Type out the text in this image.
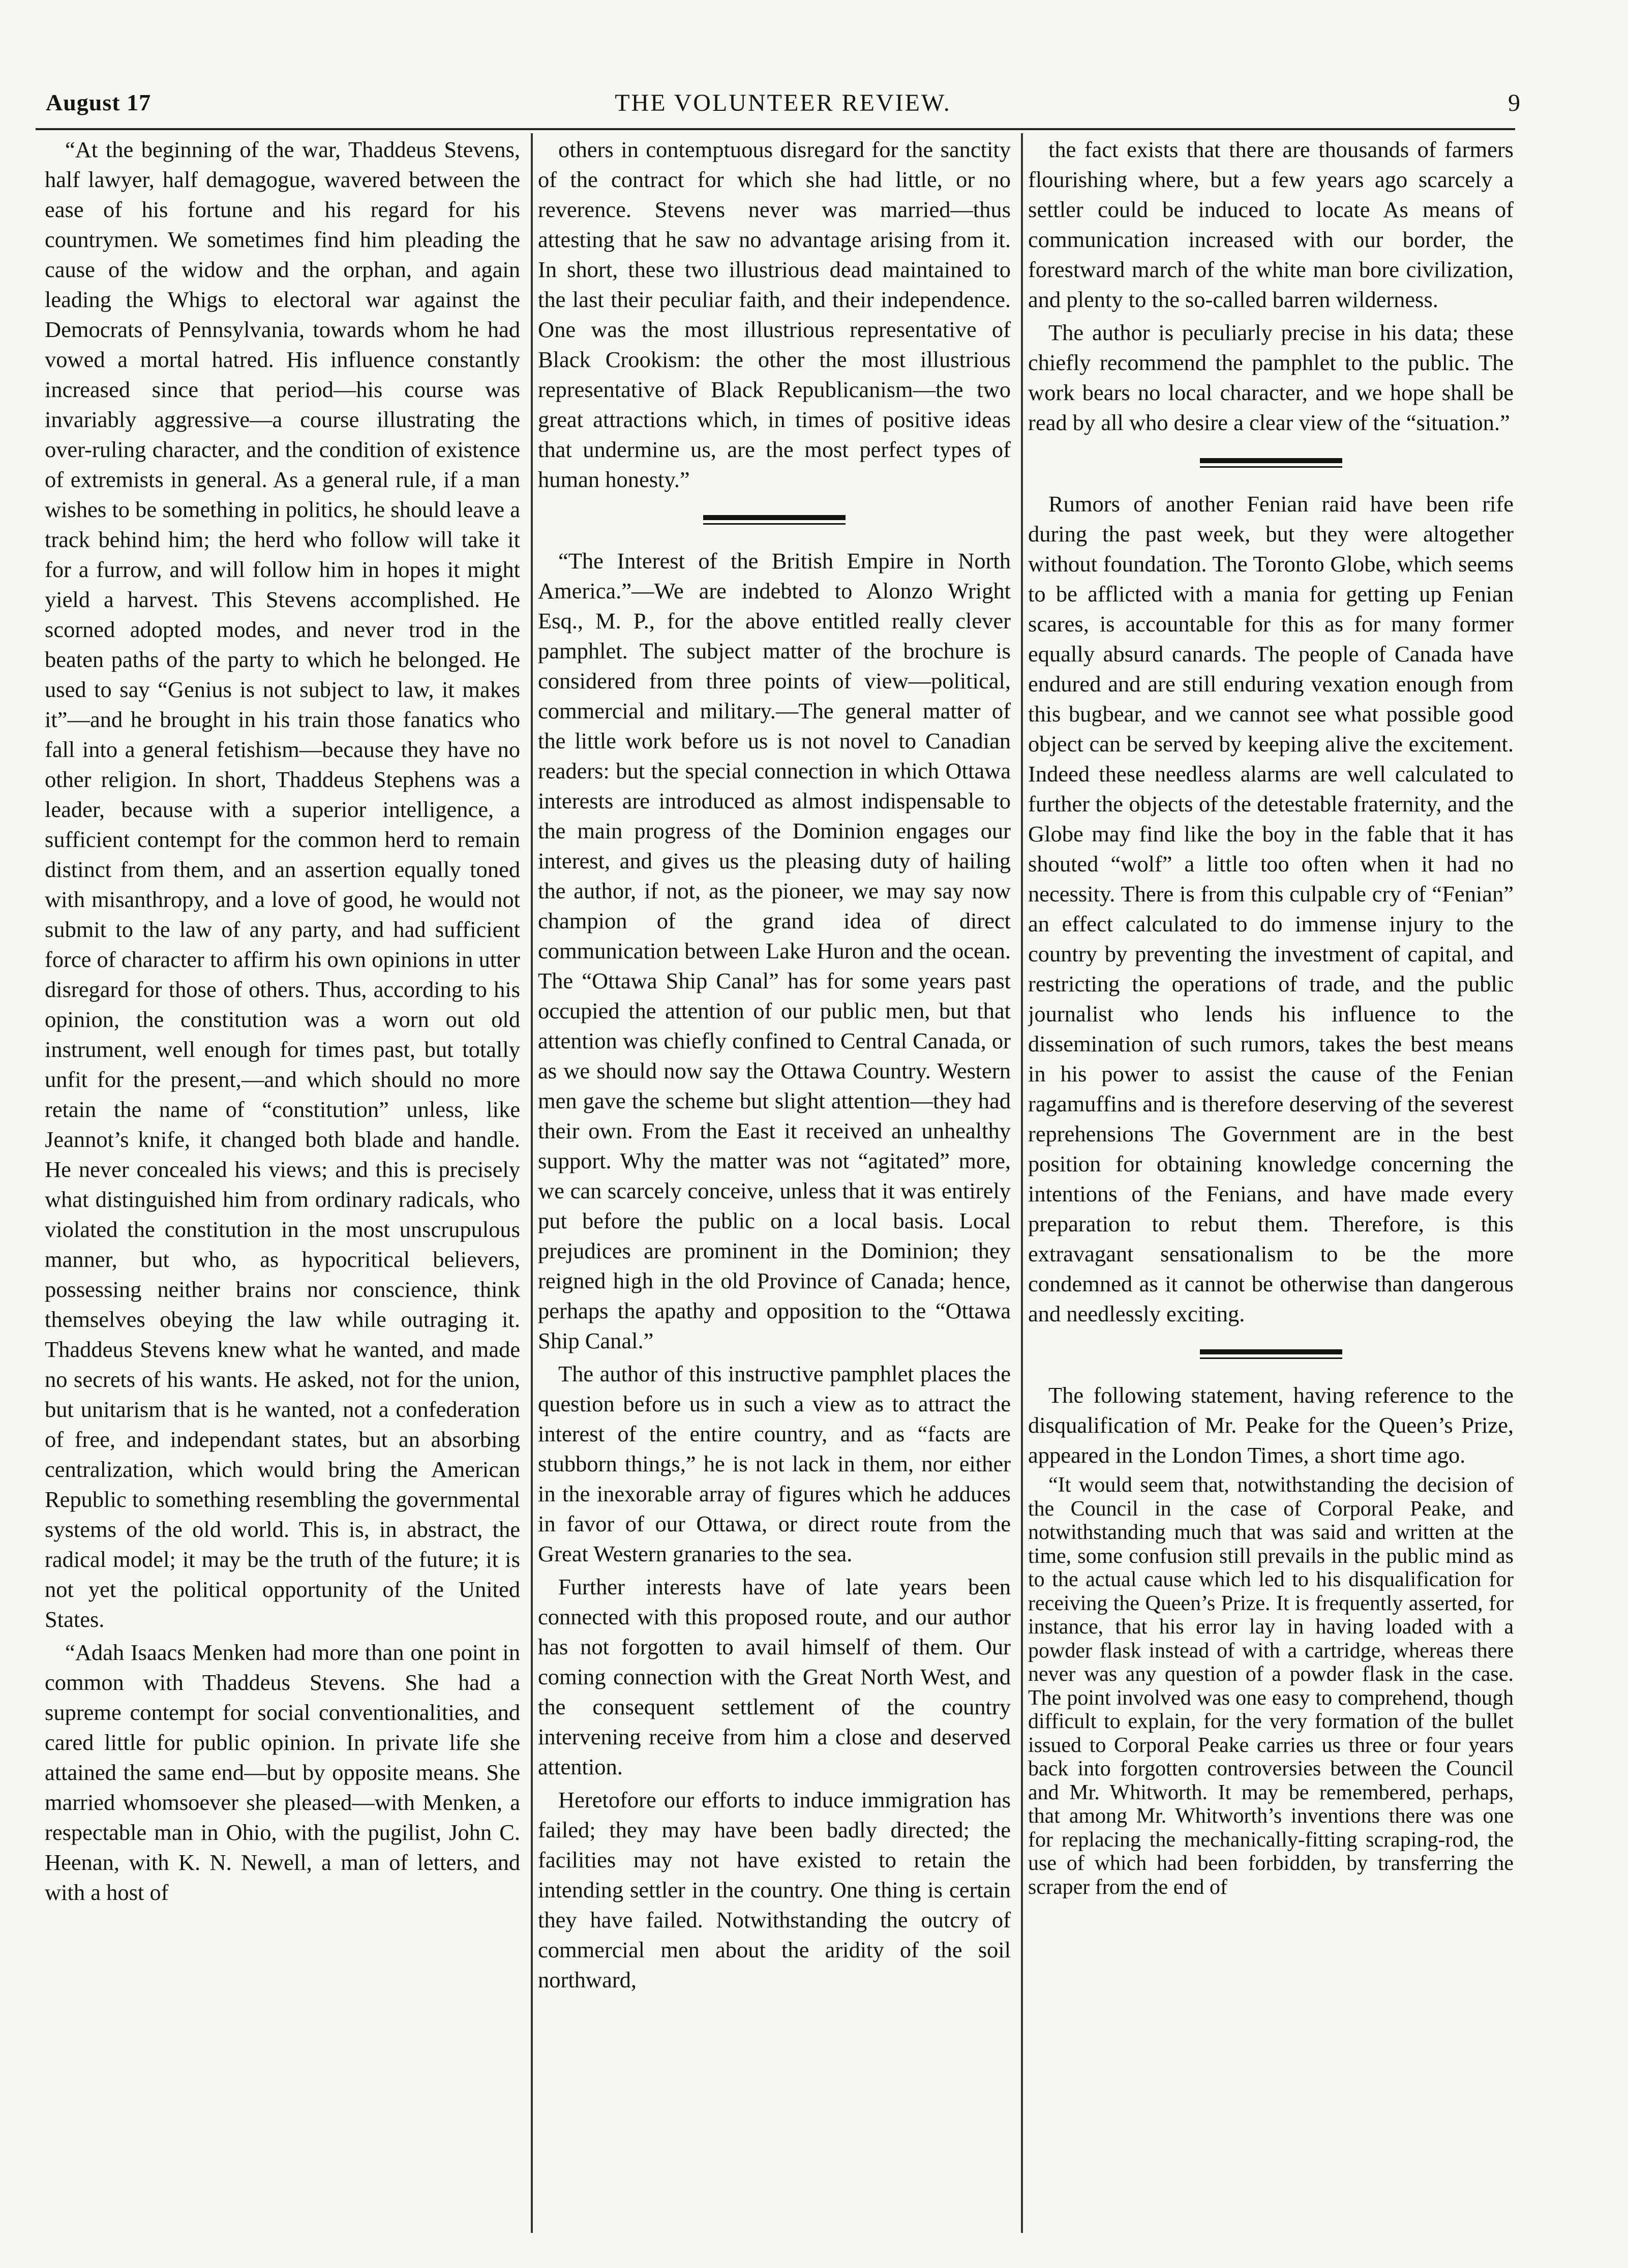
August 17	THE VOLUNTEER REVIEW.	9

“At the beginning of the war, Thaddeus Stevens, half lawyer, half demagogue, wavered between the ease of his fortune and his regard for his countrymen. We sometimes find him pleading the cause of the widow and the orphan, and again leading the Whigs to electoral war against the Democrats of Pennsylvania, towards whom he had vowed a mortal hatred. His influence constantly increased since that period—his course was invariably aggressive—a course illustrating the over-ruling character, and the condition of existence of extremists in general. As a general rule, if a man wishes to be something in politics, he should leave a track behind him; the herd who follow will take it for a furrow, and will follow him in hopes it might yield a harvest. This Stevens accomplished. He scorned adopted modes, and never trod in the beaten paths of the party to which he belonged. He used to say “Genius is not subject to law, it makes it”—and he brought in his train those fanatics who fall into a general fetishism—because they have no other religion. In short, Thaddeus Stephens was a leader, because with a superior intelligence, a sufficient contempt for the common herd to remain distinct from them, and an assertion equally toned with misanthropy, and a love of good, he would not submit to the law of any party, and had sufficient force of character to affirm his own opinions in utter disregard for those of others. Thus, according to his opinion, the constitution was a worn out old instrument, well enough for times past, but totally unfit for the present,—and which should no more retain the name of “constitution” unless, like Jeannot’s knife, it changed both blade and handle. He never concealed his views; and this is precisely what distinguished him from ordinary radicals, who violated the constitution in the most unscrupulous manner, but who, as hypocritical believers, possessing neither brains nor conscience, think themselves obeying the law while outraging it. Thaddeus Stevens knew what he wanted, and made no secrets of his wants. He asked, not for the union, but unitarism that is he wanted, not a confederation of free, and independant states, but an absorbing centralization, which would bring the American Republic to something resembling the governmental systems of the old world. This is, in abstract, the radical model; it may be the truth of the future; it is not yet the political opportunity of the United States.

“Adah Isaacs Menken had more than one point in common with Thaddeus Stevens. She had a supreme contempt for social conventionalities, and cared little for public opinion. In private life she attained the same end—but by opposite means. She married whomsoever she pleased—with Menken, a respectable man in Ohio, with the pugilist, John C. Heenan, with K. N. Newell, a man of letters, and with a host of

others in contemptuous disregard for the sanctity of the contract for which she had little, or no reverence. Stevens never was married—thus attesting that he saw no advantage arising from it. In short, these two illustrious dead maintained to the last their peculiar faith, and their independence. One was the most illustrious representative of Black Crookism: the other the most illustrious representative of Black Republicanism—the two great attractions which, in times of positive ideas that undermine us, are the most perfect types of human honesty.”

“The Interest of the British Empire in North America.”—We are indebted to Alonzo Wright Esq., M. P., for the above entitled really clever pamphlet. The subject matter of the brochure is considered from three points of view—political, commercial and military.—The general matter of the little work before us is not novel to Canadian readers: but the special connection in which Ottawa interests are introduced as almost indispensable to the main progress of the Dominion engages our interest, and gives us the pleasing duty of hailing the author, if not, as the pioneer, we may say now champion of the grand idea of direct communication between Lake Huron and the ocean. The “Ottawa Ship Canal” has for some years past occupied the attention of our public men, but that attention was chiefly confined to Central Canada, or as we should now say the Ottawa Country. Western men gave the scheme but slight attention—they had their own. From the East it received an unhealthy support. Why the matter was not “agitated” more, we can scarcely conceive, unless that it was entirely put before the public on a local basis. Local prejudices are prominent in the Dominion; they reigned high in the old Province of Canada; hence, perhaps the apathy and opposition to the “Ottawa Ship Canal.”

The author of this instructive pamphlet places the question before us in such a view as to attract the interest of the entire country, and as “facts are stubborn things,” he is not lack in them, nor either in the inexorable array of figures which he adduces in favor of our Ottawa, or direct route from the Great Western granaries to the sea.

Further interests have of late years been connected with this proposed route, and our author has not forgotten to avail himself of them. Our coming connection with the Great North West, and the consequent settlement of the country intervening receive from him a close and deserved attention.

Heretofore our efforts to induce immigration has failed; they may have been badly directed; the facilities may not have existed to retain the intending settler in the country. One thing is certain they have failed. Notwithstanding the outcry of commercial men about the aridity of the soil northward,

the fact exists that there are thousands of farmers flourishing where, but a few years ago scarcely a settler could be induced to locate As means of communication increased with our border, the forestward march of the white man bore civilization, and plenty to the so-called barren wilderness.

The author is peculiarly precise in his data; these chiefly recommend the pamphlet to the public. The work bears no local character, and we hope shall be read by all who desire a clear view of the “situation.”

Rumors of another Fenian raid have been rife during the past week, but they were altogether without foundation. The Toronto Globe, which seems to be afflicted with a mania for getting up Fenian scares, is accountable for this as for many former equally absurd canards. The people of Canada have endured and are still enduring vexation enough from this bugbear, and we cannot see what possible good object can be served by keeping alive the excitement. Indeed these needless alarms are well calculated to further the objects of the detestable fraternity, and the Globe may find like the boy in the fable that it has shouted “wolf” a little too often when it had no necessity. There is from this culpable cry of “Fenian” an effect calculated to do immense injury to the country by preventing the investment of capital, and restricting the operations of trade, and the public journalist who lends his influence to the dissemination of such rumors, takes the best means in his power to assist the cause of the Fenian ragamuffins and is therefore deserving of the severest reprehensions The Government are in the best position for obtaining knowledge concerning the intentions of the Fenians, and have made every preparation to rebut them. Therefore, is this extravagant sensationalism to be the more condemned as it cannot be otherwise than dangerous and needlessly exciting.

The following statement, having reference to the disqualification of Mr. Peake for the Queen’s Prize, appeared in the London Times, a short time ago.

“It would seem that, notwithstanding the decision of the Council in the case of Corporal Peake, and notwithstanding much that was said and written at the time, some confusion still prevails in the public mind as to the actual cause which led to his disqualification for receiving the Queen’s Prize. It is frequently asserted, for instance, that his error lay in having loaded with a powder flask instead of with a cartridge, whereas there never was any question of a powder flask in the case. The point involved was one easy to comprehend, though difficult to explain, for the very formation of the bullet issued to Corporal Peake carries us three or four years back into forgotten controversies between the Council and Mr. Whitworth. It may be remembered, perhaps, that among Mr. Whitworth’s inventions there was one for replacing the mechanically-fitting scraping-rod, the use of which had been forbidden, by transferring the scraper from the end of
